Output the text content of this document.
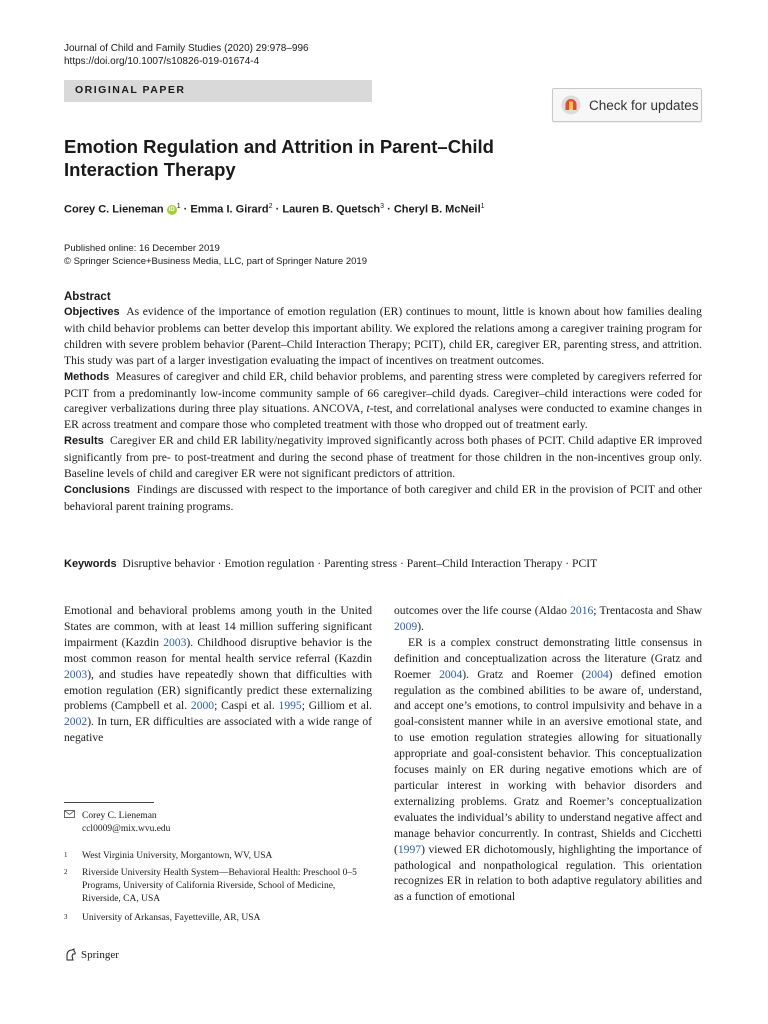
Journal of Child and Family Studies (2020) 29:978–996
https://doi.org/10.1007/s10826-019-01674-4
ORIGINAL PAPER
Check for updates
Emotion Regulation and Attrition in Parent–Child Interaction Therapy
Corey C. Lieneman iD $^1$ · Emma I. Girard$^2$ · Lauren B. Quetsch$^3$ · Cheryl B. McNeil$^1$
Published online: 16 December 2019
© Springer Science+Business Media, LLC, part of Springer Nature 2019
Abstract

Objectives As evidence of the importance of emotion regulation (ER) continues to mount, little is known about how families dealing with child behavior problems can better develop this important ability. We explored the relations among a caregiver training program for children with severe problem behavior (Parent–Child Interaction Therapy; PCIT), child ER, caregiver ER, parenting stress, and attrition. This study was part of a larger investigation evaluating the impact of incentives on treatment outcomes.

Methods Measures of caregiver and child ER, child behavior problems, and parenting stress were completed by caregivers referred for PCIT from a predominantly low-income community sample of 66 caregiver–child dyads. Caregiver–child interactions were coded for caregiver verbalizations during three play situations. ANCOVA, t-test, and correlational analyses were conducted to examine changes in ER across treatment and compare those who completed treatment with those who dropped out of treatment early.

Results Caregiver ER and child ER lability/negativity improved significantly across both phases of PCIT. Child adaptive ER improved significantly from pre- to post-treatment and during the second phase of treatment for those children in the non-incentives group only. Baseline levels of child and caregiver ER were not significant predictors of attrition.

Conclusions Findings are discussed with respect to the importance of both caregiver and child ER in the provision of PCIT and other behavioral parent training programs.

Keywords Disruptive behavior · Emotion regulation · Parenting stress · Parent–Child Interaction Therapy · PCIT

Emotional and behavioral problems among youth in the United States are common, with at least 14 million suffering significant impairment (Kazdin 2003). Childhood disruptive behavior is the most common reason for mental health service referral (Kazdin 2003), and studies have repeatedly shown that difficulties with emotion regulation (ER) significantly predict these externalizing problems (Campbell et al. 2000; Caspi et al. 1995; Gilliom et al. 2002). In turn, ER difficulties are associated with a wide range of negative

outcomes over the life course (Aldao 2016; Trentacosta and Shaw 2009).

ER is a complex construct demonstrating little consensus in definition and conceptualization across the literature (Gratz and Roemer 2004). Gratz and Roemer (2004) defined emotion regulation as the combined abilities to be aware of, understand, and accept one’s emotions, to control impulsivity and behave in a goal-consistent manner while in an aversive emotional state, and to use emotion regulation strategies allowing for situationally appropriate and goal-consistent behavior. This conceptualization focuses mainly on ER during negative emotions which are of particular interest in working with behavior disorders and externalizing problems. Gratz and Roemer’s conceptualization evaluates the individual’s ability to understand negative affect and manage behavior concurrently. In contrast, Shields and Cicchetti (1997) viewed ER dichotomously, highlighting the importance of pathological and nonpathological regulation. This orientation recognizes ER in relation to both adaptive regulatory abilities and as a function of emotional

Corey C. Lieneman
ccl0009@mix.wvu.edu
1	West Virginia University, Morgantown, WV, USA
2	Riverside University Health System—Behavioral Health: Preschool 0–5 Programs, University of California Riverside, School of Medicine, Riverside, CA, USA
3	University of Arkansas, Fayetteville, AR, USA
Springer
